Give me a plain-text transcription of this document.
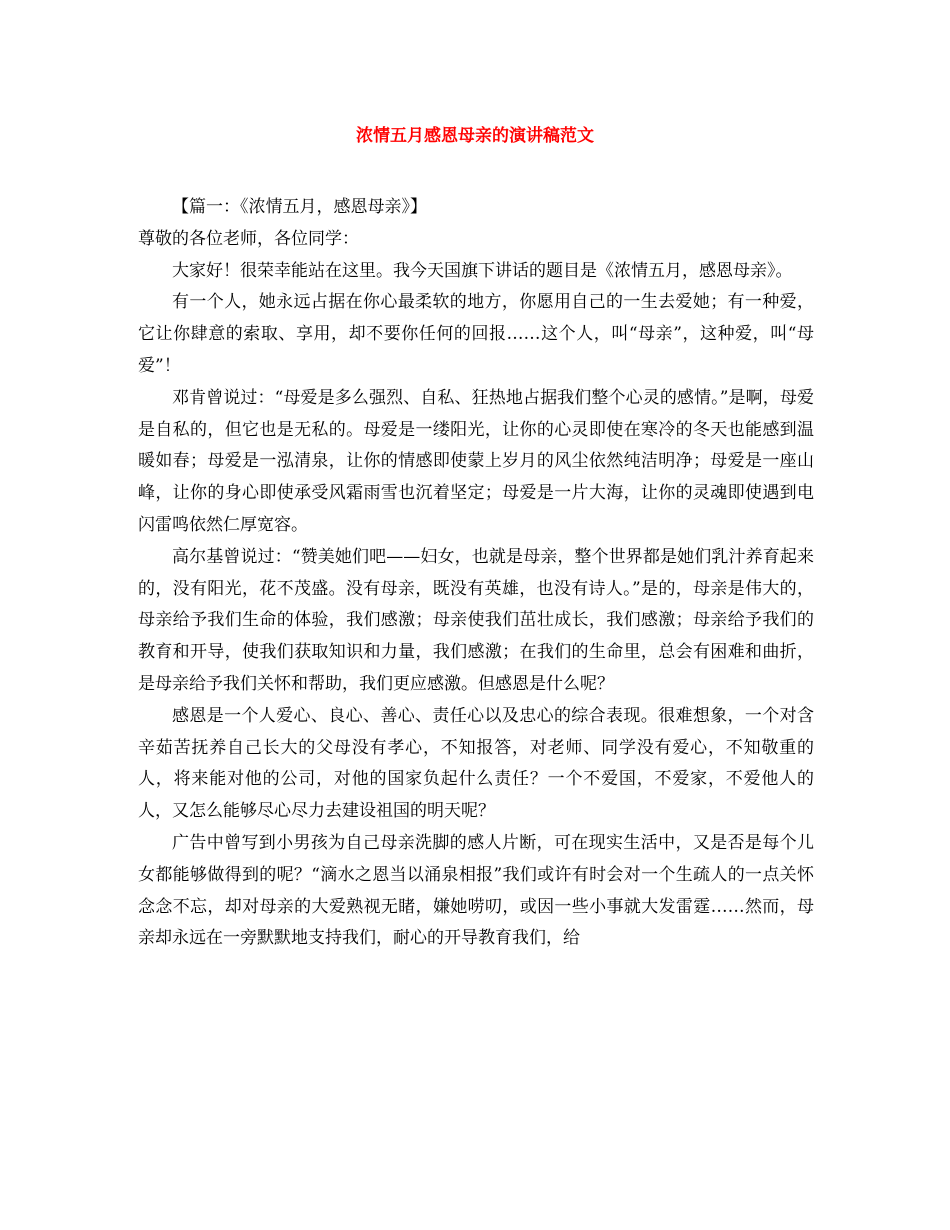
浓情五月感恩母亲的演讲稿范文

【篇一：《浓情五月，感恩母亲》】

尊敬的各位老师，各位同学：

大家好！很荣幸能站在这里。我今天国旗下讲话的题目是《浓情五月，感恩母亲》。

有一个人，她永远占据在你心最柔软的地方，你愿用自己的一生去爱她；有一种爱，它让你肆意的索取、享用，却不要你任何的回报……这个人，叫“母亲”，这种爱，叫“母爱”！

邓肯曾说过：“母爱是多么强烈、自私、狂热地占据我们整个心灵的感情。”是啊，母爱是自私的，但它也是无私的。母爱是一缕阳光，让你的心灵即使在寒冷的冬天也能感到温暖如春；母爱是一泓清泉，让你的情感即使蒙上岁月的风尘依然纯洁明净；母爱是一座山峰，让你的身心即使承受风霜雨雪也沉着坚定；母爱是一片大海，让你的灵魂即使遇到电闪雷鸣依然仁厚宽容。

高尔基曾说过：“赞美她们吧——妇女，也就是母亲，整个世界都是她们乳汁养育起来的，没有阳光，花不茂盛。没有母亲，既没有英雄，也没有诗人。”是的，母亲是伟大的，母亲给予我们生命的体验，我们感激；母亲使我们茁壮成长，我们感激；母亲给予我们的教育和开导，使我们获取知识和力量，我们感激；在我们的生命里，总会有困难和曲折，是母亲给予我们关怀和帮助，我们更应感激。但感恩是什么呢？

感恩是一个人爱心、良心、善心、责任心以及忠心的综合表现。很难想象，一个对含辛茹苦抚养自己长大的父母没有孝心，不知报答，对老师、同学没有爱心，不知敬重的人，将来能对他的公司，对他的国家负起什么责任？一个不爱国，不爱家，不爱他人的人，又怎么能够尽心尽力去建设祖国的明天呢？

广告中曾写到小男孩为自己母亲洗脚的感人片断，可在现实生活中，又是否是每个儿女都能够做得到的呢？“滴水之恩当以涌泉相报”我们或许有时会对一个生疏人的一点关怀念念不忘，却对母亲的大爱熟视无睹，嫌她唠叨，或因一些小事就大发雷霆……然而，母亲却永远在一旁默默地支持我们，耐心的开导教育我们，给
